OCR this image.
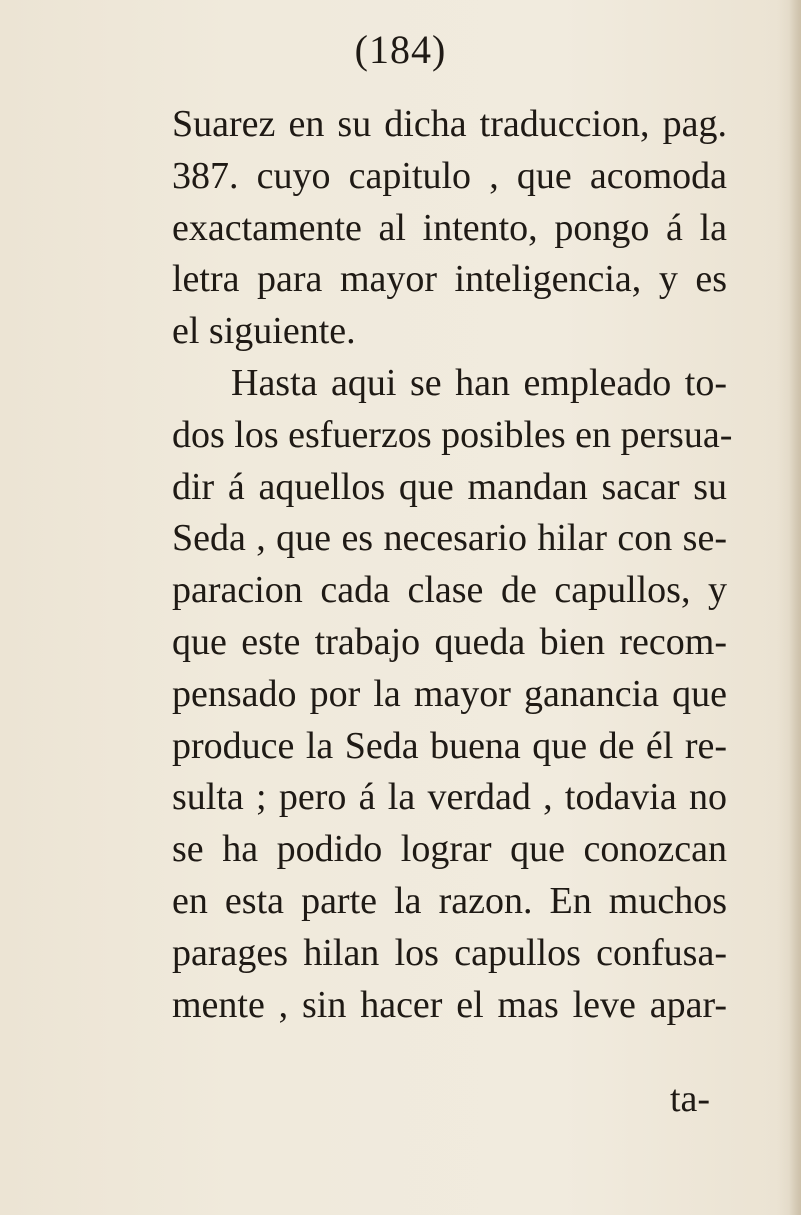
(184)
Suarez en su dicha traduccion, pag.
387. cuyo capitulo , que acomoda
exactamente al intento, pongo á la
letra para mayor inteligencia, y es
el siguiente.
Hasta aqui se han empleado to-
dos los esfuerzos posibles en persua-
dir á aquellos que mandan sacar su
Seda , que es necesario hilar con se-
paracion cada clase de capullos, y
que este trabajo queda bien recom-
pensado por la mayor ganancia que
produce la Seda buena que de él re-
sulta ; pero á la verdad , todavia no
se ha podido lograr que conozcan
en esta parte la razon. En muchos
parages hilan los capullos confusa-
mente , sin hacer el mas leve apar-
ta-
